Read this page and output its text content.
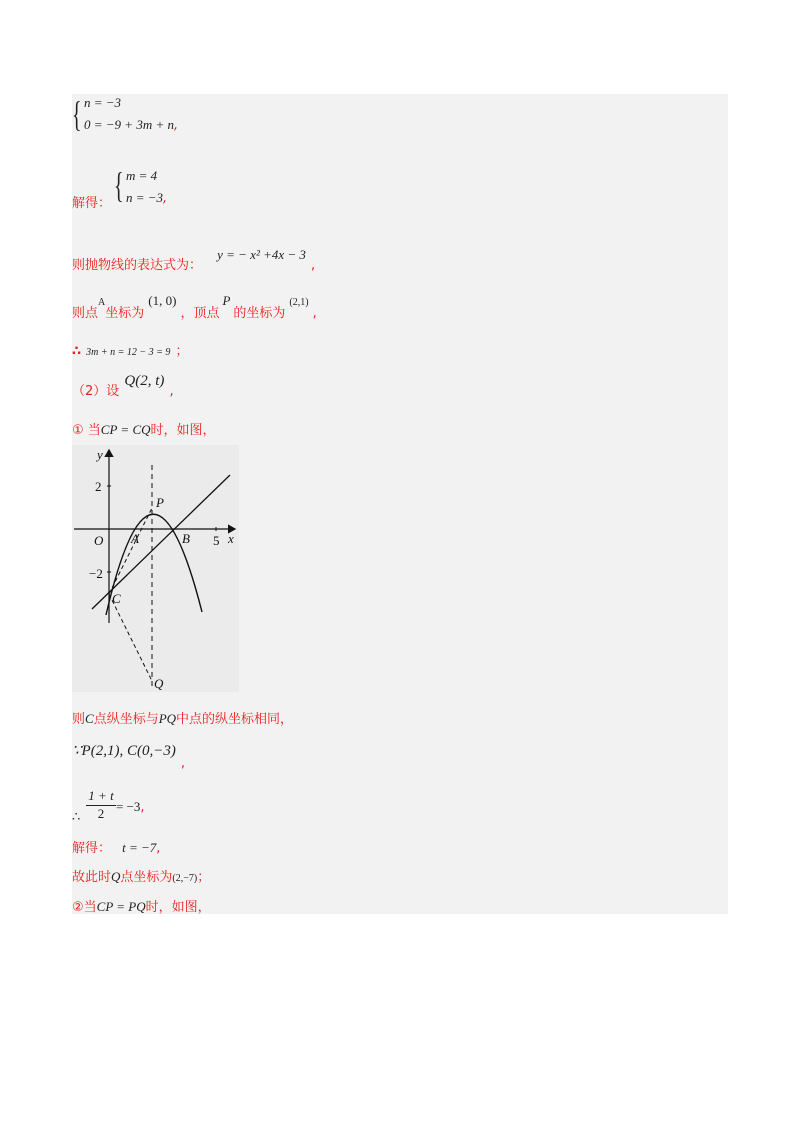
{ n = −3
0 = −9 + 3m + n,
解得： { m = 4
n = −3,
$_{则抛物线的表达式为:}$ y = − x² +4x − 3 $_,$
$_{则点}A_{坐标为}(1$, $0)_{,顶点}P_{的坐标为}(2,1)_,$
∴ 3m + n = 12 − 3 = 9 ；
$_{(2)设}$ Q(2, t) $_,$
① 当CP = CQ时，如图，
y
x
O
2
−2
5
A	B
C
P
Q
则C点纵坐标与PQ中点的纵坐标相同，
∵P(2,1), C(0,−3) $_,$
∴ $\frac{1 + t}{2} = -3$,
解得： t = −7,
故此时Q点坐标为(2,−7)；
②当CP = PQ时，如图，
